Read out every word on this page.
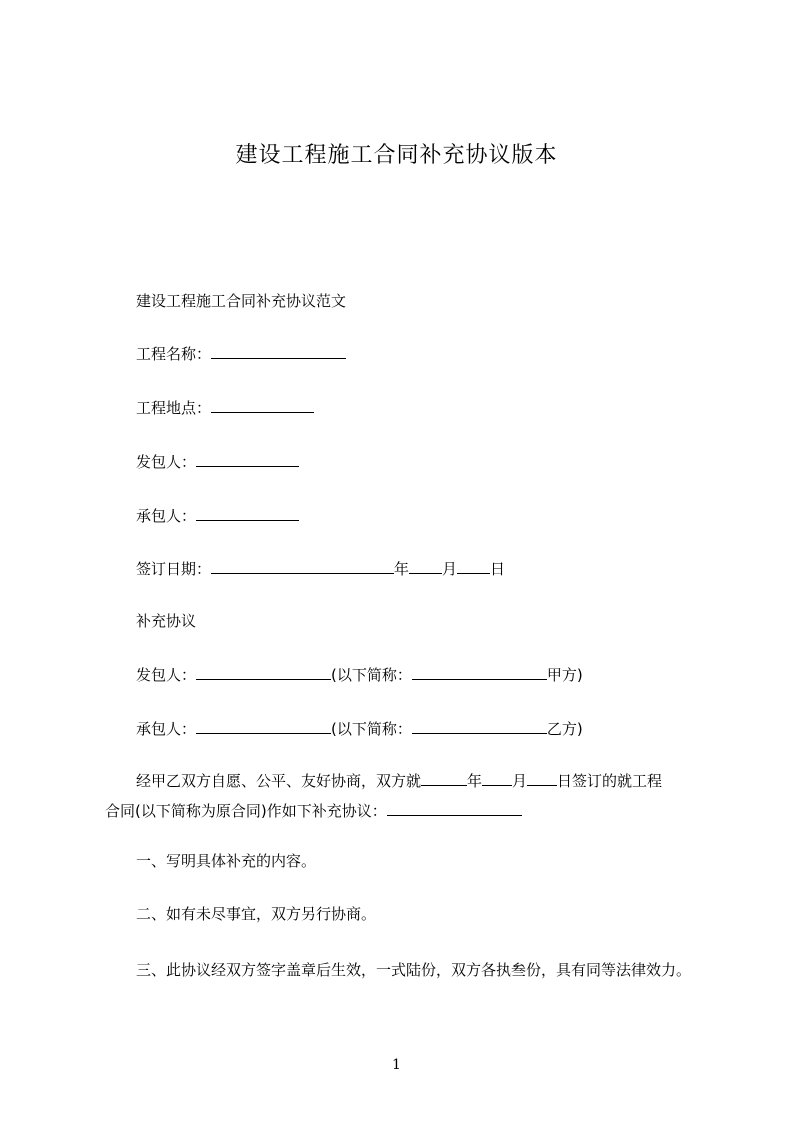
建设工程施工合同补充协议版本
建设工程施工合同补充协议范文
工程名称：
工程地点：
发包人：
承包人：
签订日期：	年 月 日
补充协议
发包人：	(以下简称：	甲方)
承包人：	(以下简称：	乙方)
经甲乙双方自愿、公平、友好协商，双方就	年 月 日签订的就工程
合同(以下简称为原合同)作如下补充协议：
一、写明具体补充的内容。
二、如有未尽事宜，双方另行协商。
三、此协议经双方签字盖章后生效，一式陆份，双方各执叁份，具有同等法律效力。
1
